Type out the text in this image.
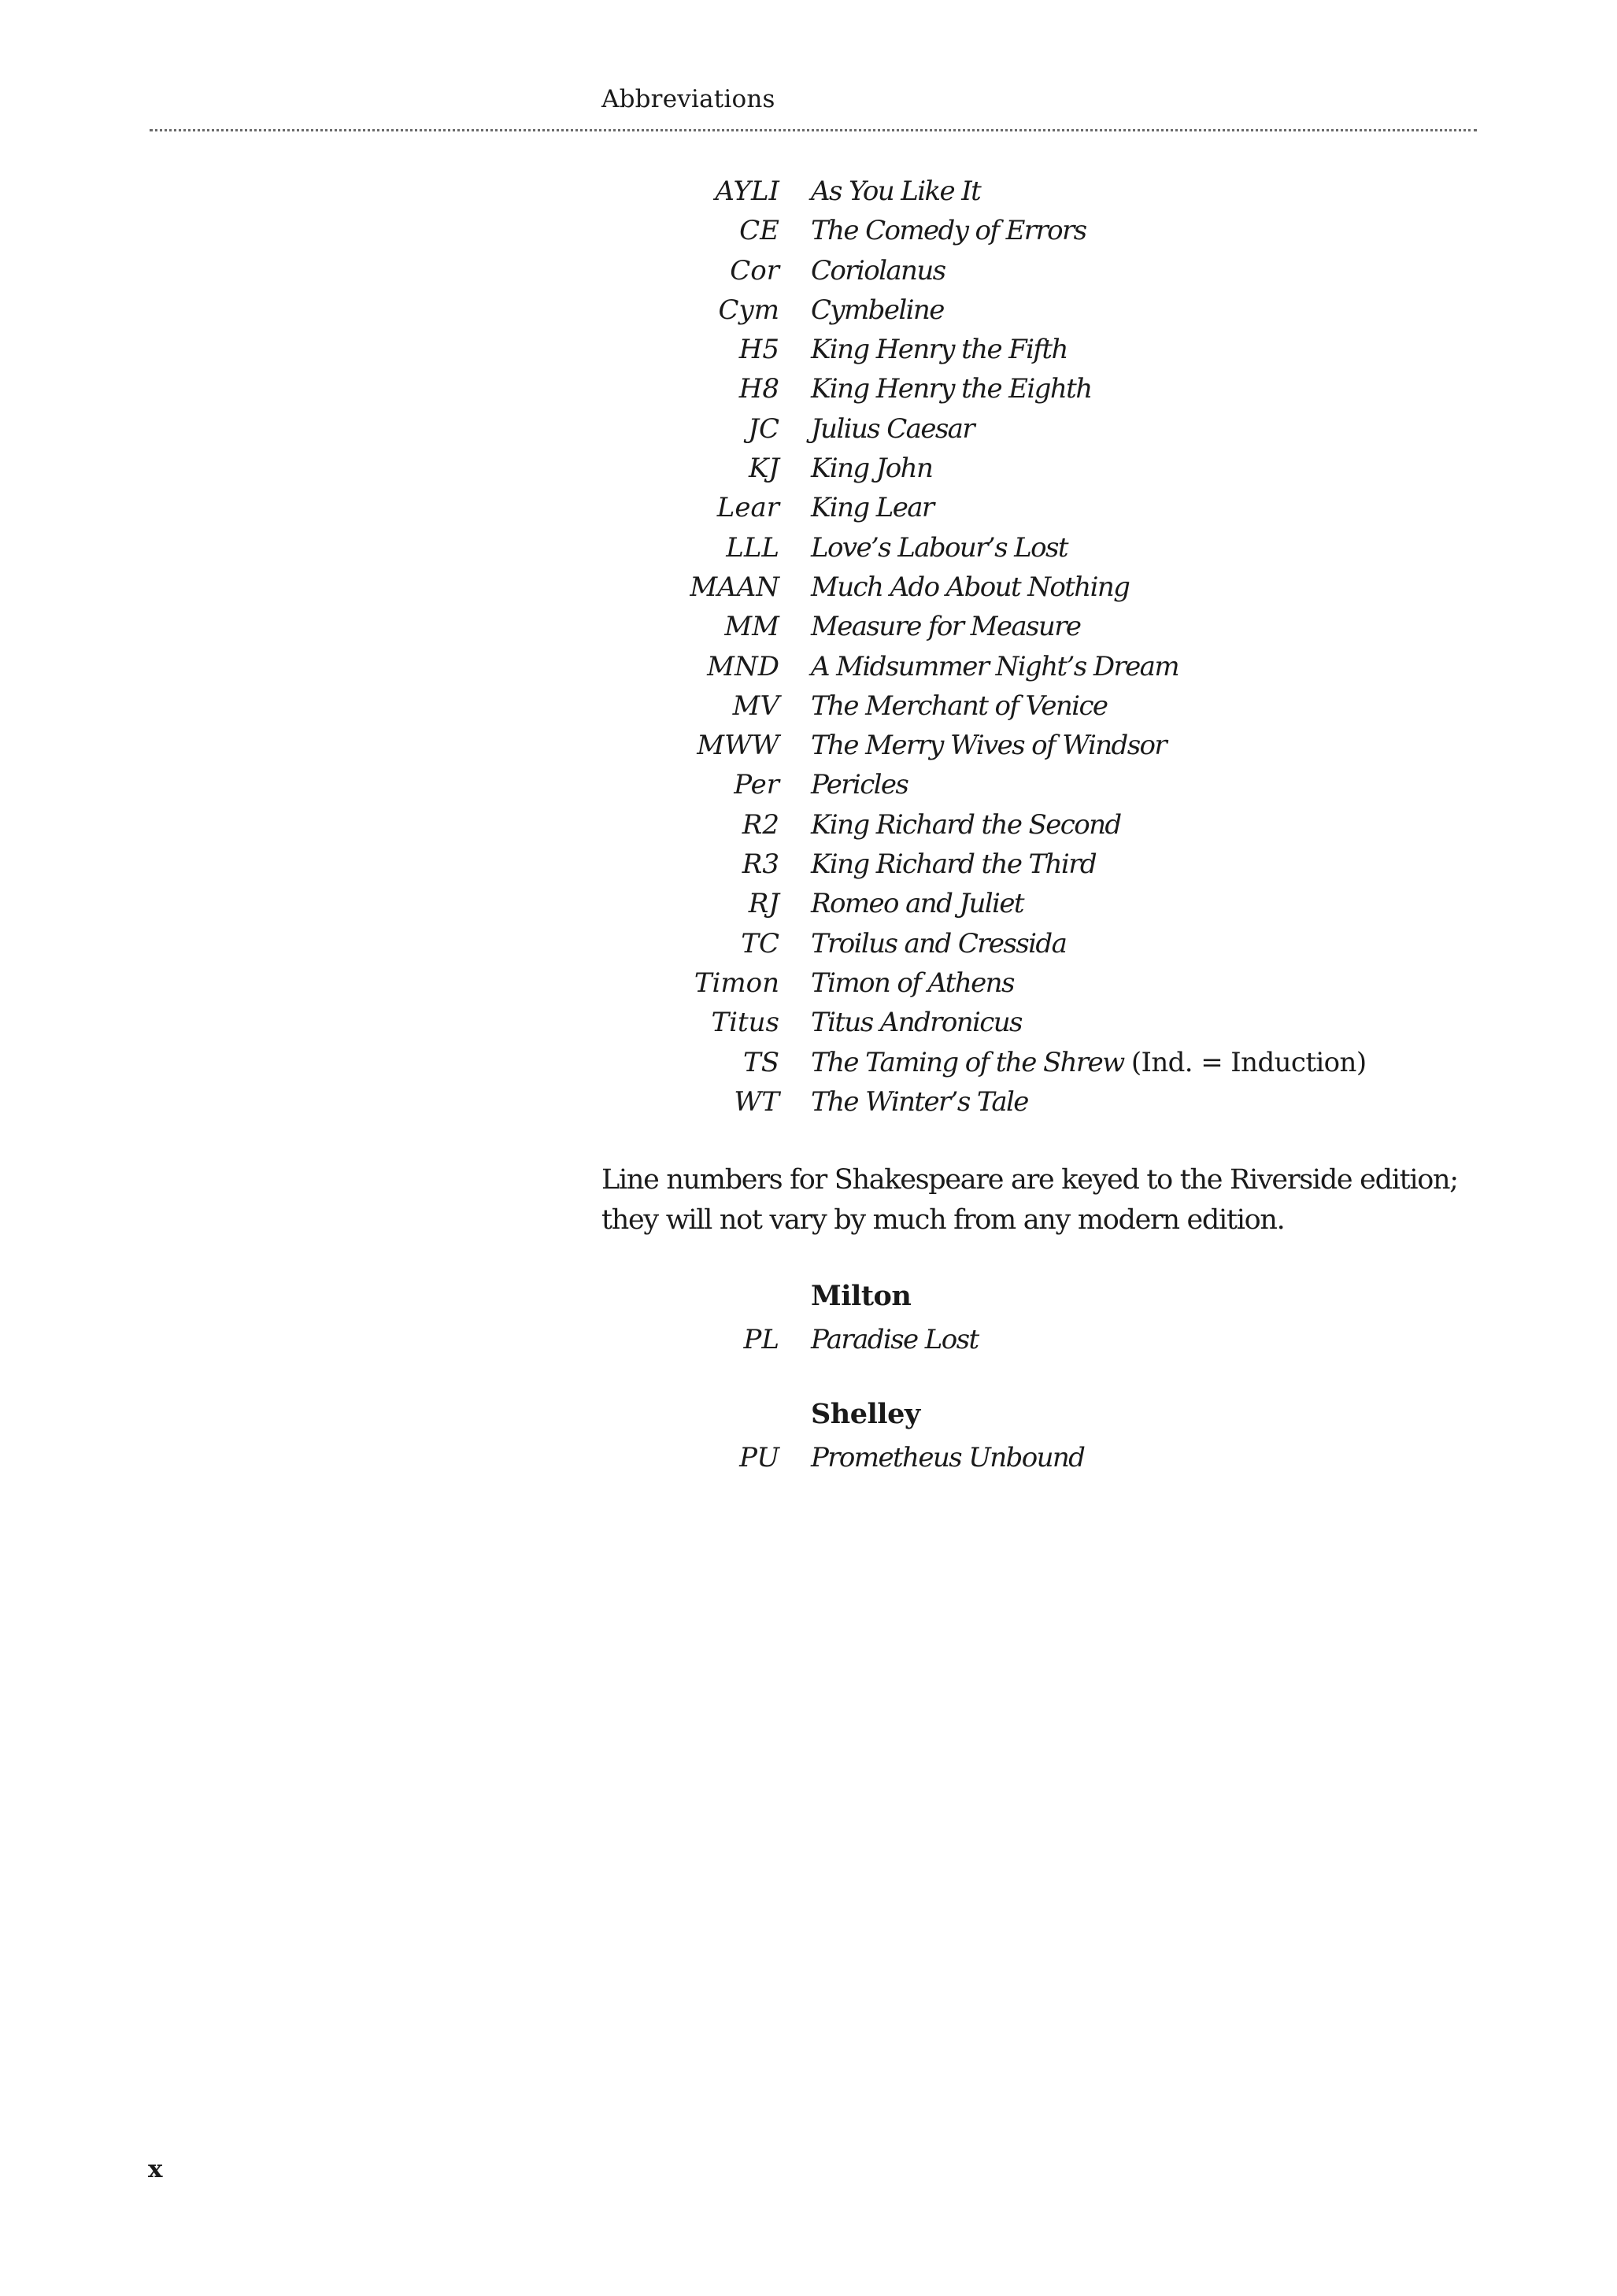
Abbreviations
AYLI As You Like It
CE The Comedy of Errors
Cor Coriolanus
Cym Cymbeline
H5 King Henry the Fifth
H8 King Henry the Eighth
JC Julius Caesar
KJ King John
Lear King Lear
LLL Love’s Labour’s Lost
MAAN Much Ado About Nothing
MM Measure for Measure
MND A Midsummer Night’s Dream
MV The Merchant of Venice
MWW The Merry Wives of Windsor
Per Pericles
R2 King Richard the Second
R3 King Richard the Third
RJ Romeo and Juliet
TC Troilus and Cressida
Timon Timon of Athens
Titus Titus Andronicus
TS The Taming of the Shrew (Ind. = Induction)
WT The Winter’s Tale
Line numbers for Shakespeare are keyed to the Riverside edition; they will not vary by much from any modern edition.
Milton
PL Paradise Lost
Shelley
PU Prometheus Unbound
x
